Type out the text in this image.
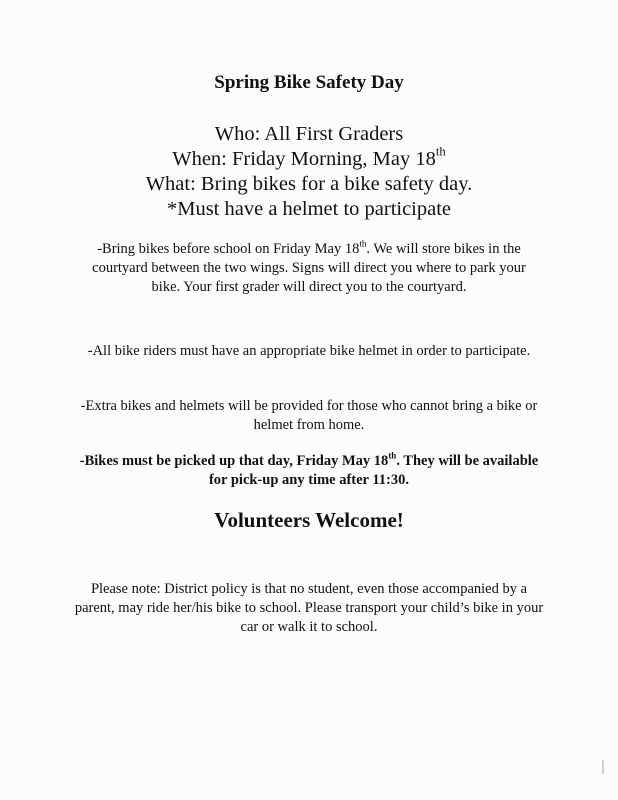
Spring Bike Safety Day
Who: All First Graders
When: Friday Morning, May 18th
What: Bring bikes for a bike safety day.
*Must have a helmet to participate
-Bring bikes before school on Friday May 18th. We will store bikes in the courtyard between the two wings. Signs will direct you where to park your bike. Your first grader will direct you to the courtyard.
-All bike riders must have an appropriate bike helmet in order to participate.
-Extra bikes and helmets will be provided for those who cannot bring a bike or helmet from home.
-Bikes must be picked up that day, Friday May 18th. They will be available for pick-up any time after 11:30.
Volunteers Welcome!
Please note: District policy is that no student, even those accompanied by a parent, may ride her/his bike to school. Please transport your child’s bike in your car or walk it to school.
